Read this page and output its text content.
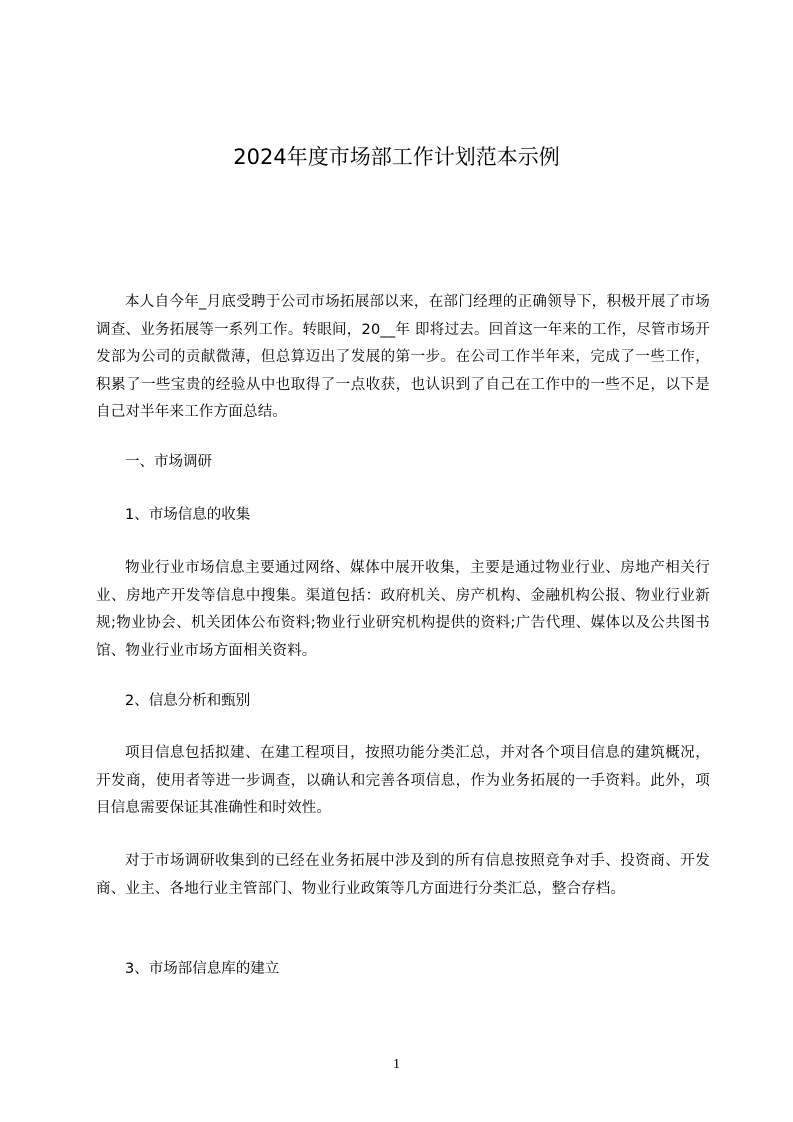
2024年度市场部工作计划范本示例

本人自今年_月底受聘于公司市场拓展部以来，在部门经理的正确领导下，积极开展了市场调查、业务拓展等一系列工作。转眼间，20__年 即将过去。回首这一年来的工作，尽管市场开发部为公司的贡献微薄，但总算迈出了发展的第一步。在公司工作半年来，完成了一些工作，积累了一些宝贵的经验从中也取得了一点收获，也认识到了自己在工作中的一些不足，以下是自己对半年来工作方面总结。

一、市场调研

1、市场信息的收集

物业行业市场信息主要通过网络、媒体中展开收集，主要是通过物业行业、房地产相关行业、房地产开发等信息中搜集。渠道包括：政府机关、房产机构、金融机构公报、物业行业新规;物业协会、机关团体公布资料;物业行业研究机构提供的资料;广告代理、媒体以及公共图书馆、物业行业市场方面相关资料。

2、信息分析和甄别

项目信息包括拟建、在建工程项目，按照功能分类汇总，并对各个项目信息的建筑概况，开发商，使用者等进一步调查，以确认和完善各项信息，作为业务拓展的一手资料。此外，项目信息需要保证其准确性和时效性。

对于市场调研收集到的已经在业务拓展中涉及到的所有信息按照竞争对手、投资商、开发商、业主、各地行业主管部门、物业行业政策等几方面进行分类汇总，整合存档。

3、市场部信息库的建立

1
